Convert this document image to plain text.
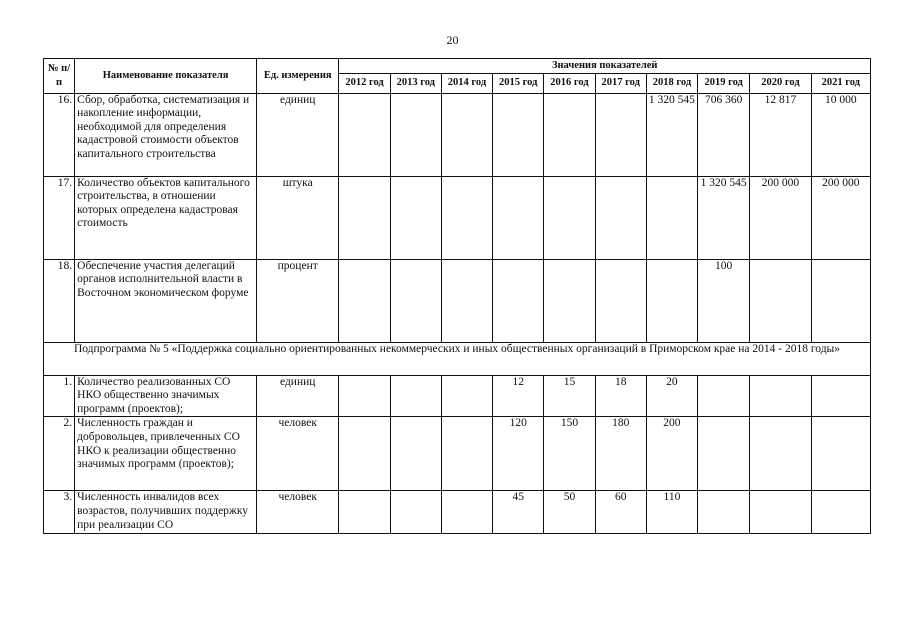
20
№ п/п	Наименование показателя	Ед. измерения	Значения показателей									
			2012 год	2013 год	2014 год	2015 год	2016 год	2017 год	2018 год	2019 год	2020 год	2021 год
16.	Сбор, обработка, систематизация и накопление информации, необходимой для определения кадастровой стоимости объектов капитального строительства	единиц							1 320 545	706 360	12 817	10 000
17.	Количество объектов капитального строительства, в отношении которых определена кадастровая стоимость	штука								1 320 545	200 000	200 000
18.	Обеспечение участия делегаций органов исполнительной власти в Восточном экономическом форуме	процент								100		
Подпрограмма № 5 «Поддержка социально ориентированных некоммерческих и иных общественных организаций в Приморском крае на 2014 - 2018 годы»												
1.	Количество реализованных СО НКО общественно значимых программ (проектов);	единиц				12	15	18	20			
2.	Численность граждан и добровольцев, привлеченных СО НКО к реализации общественно значимых программ (проектов);	человек				120	150	180	200			
3.	Численность инвалидов всех возрастов, получивших поддержку при реализации СО	человек				45	50	60	110			
